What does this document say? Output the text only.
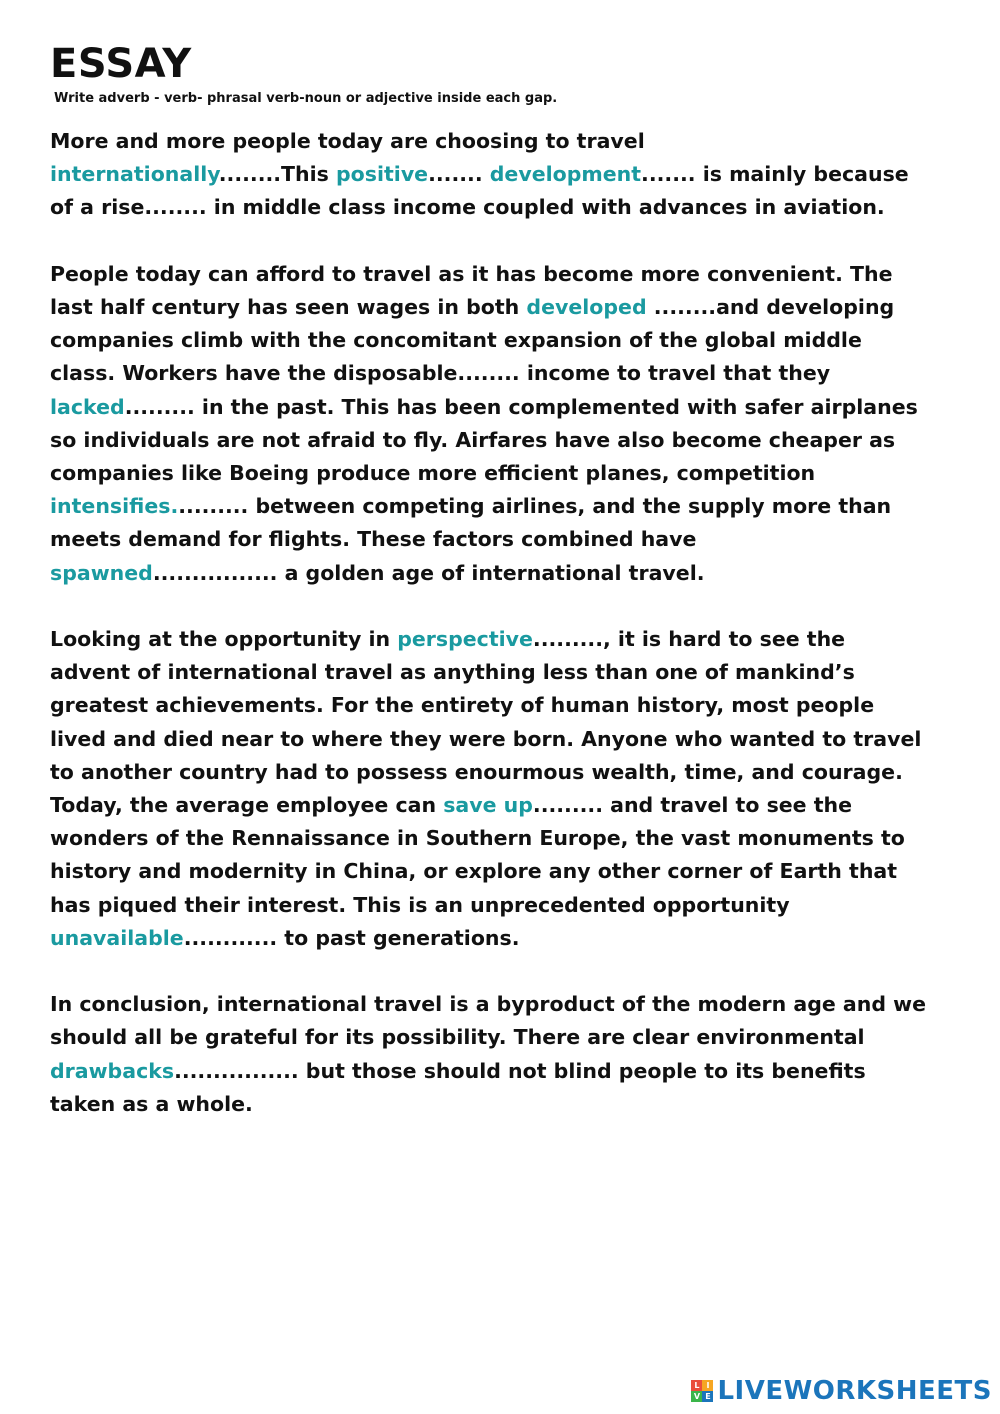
ESSAY
Write adverb - verb- phrasal verb-noun or adjective inside each gap.

More and more people today are choosing to travel internationally........This positive....... development....... is mainly because of a rise........ in middle class income coupled with advances in aviation.

People today can afford to travel as it has become more convenient. The last half century has seen wages in both developed ........and developing companies climb with the concomitant expansion of the global middle class. Workers have the disposable........ income to travel that they lacked......... in the past. This has been complemented with safer airplanes so individuals are not afraid to fly. Airfares have also become cheaper as companies like Boeing produce more efficient planes, competition intensifies.......... between competing airlines, and the supply more than meets demand for flights. These factors combined have spawned................ a golden age of international travel.

Looking at the opportunity in perspective........., it is hard to see the advent of international travel as anything less than one of mankind’s greatest achievements. For the entirety of human history, most people lived and died near to where they were born. Anyone who wanted to travel to another country had to possess enourmous wealth, time, and courage. Today, the average employee can save up......... and travel to see the wonders of the Rennaissance in Southern Europe, the vast monuments to history and modernity in China, or explore any other corner of Earth that has piqued their interest. This is an unprecedented opportunity unavailable............ to past generations.

In conclusion, international travel is a byproduct of the modern age and we should all be grateful for its possibility. There are clear environmental drawbacks................ but those should not blind people to its benefits taken as a whole.

L I
V E LIVEWORKSHEETS
